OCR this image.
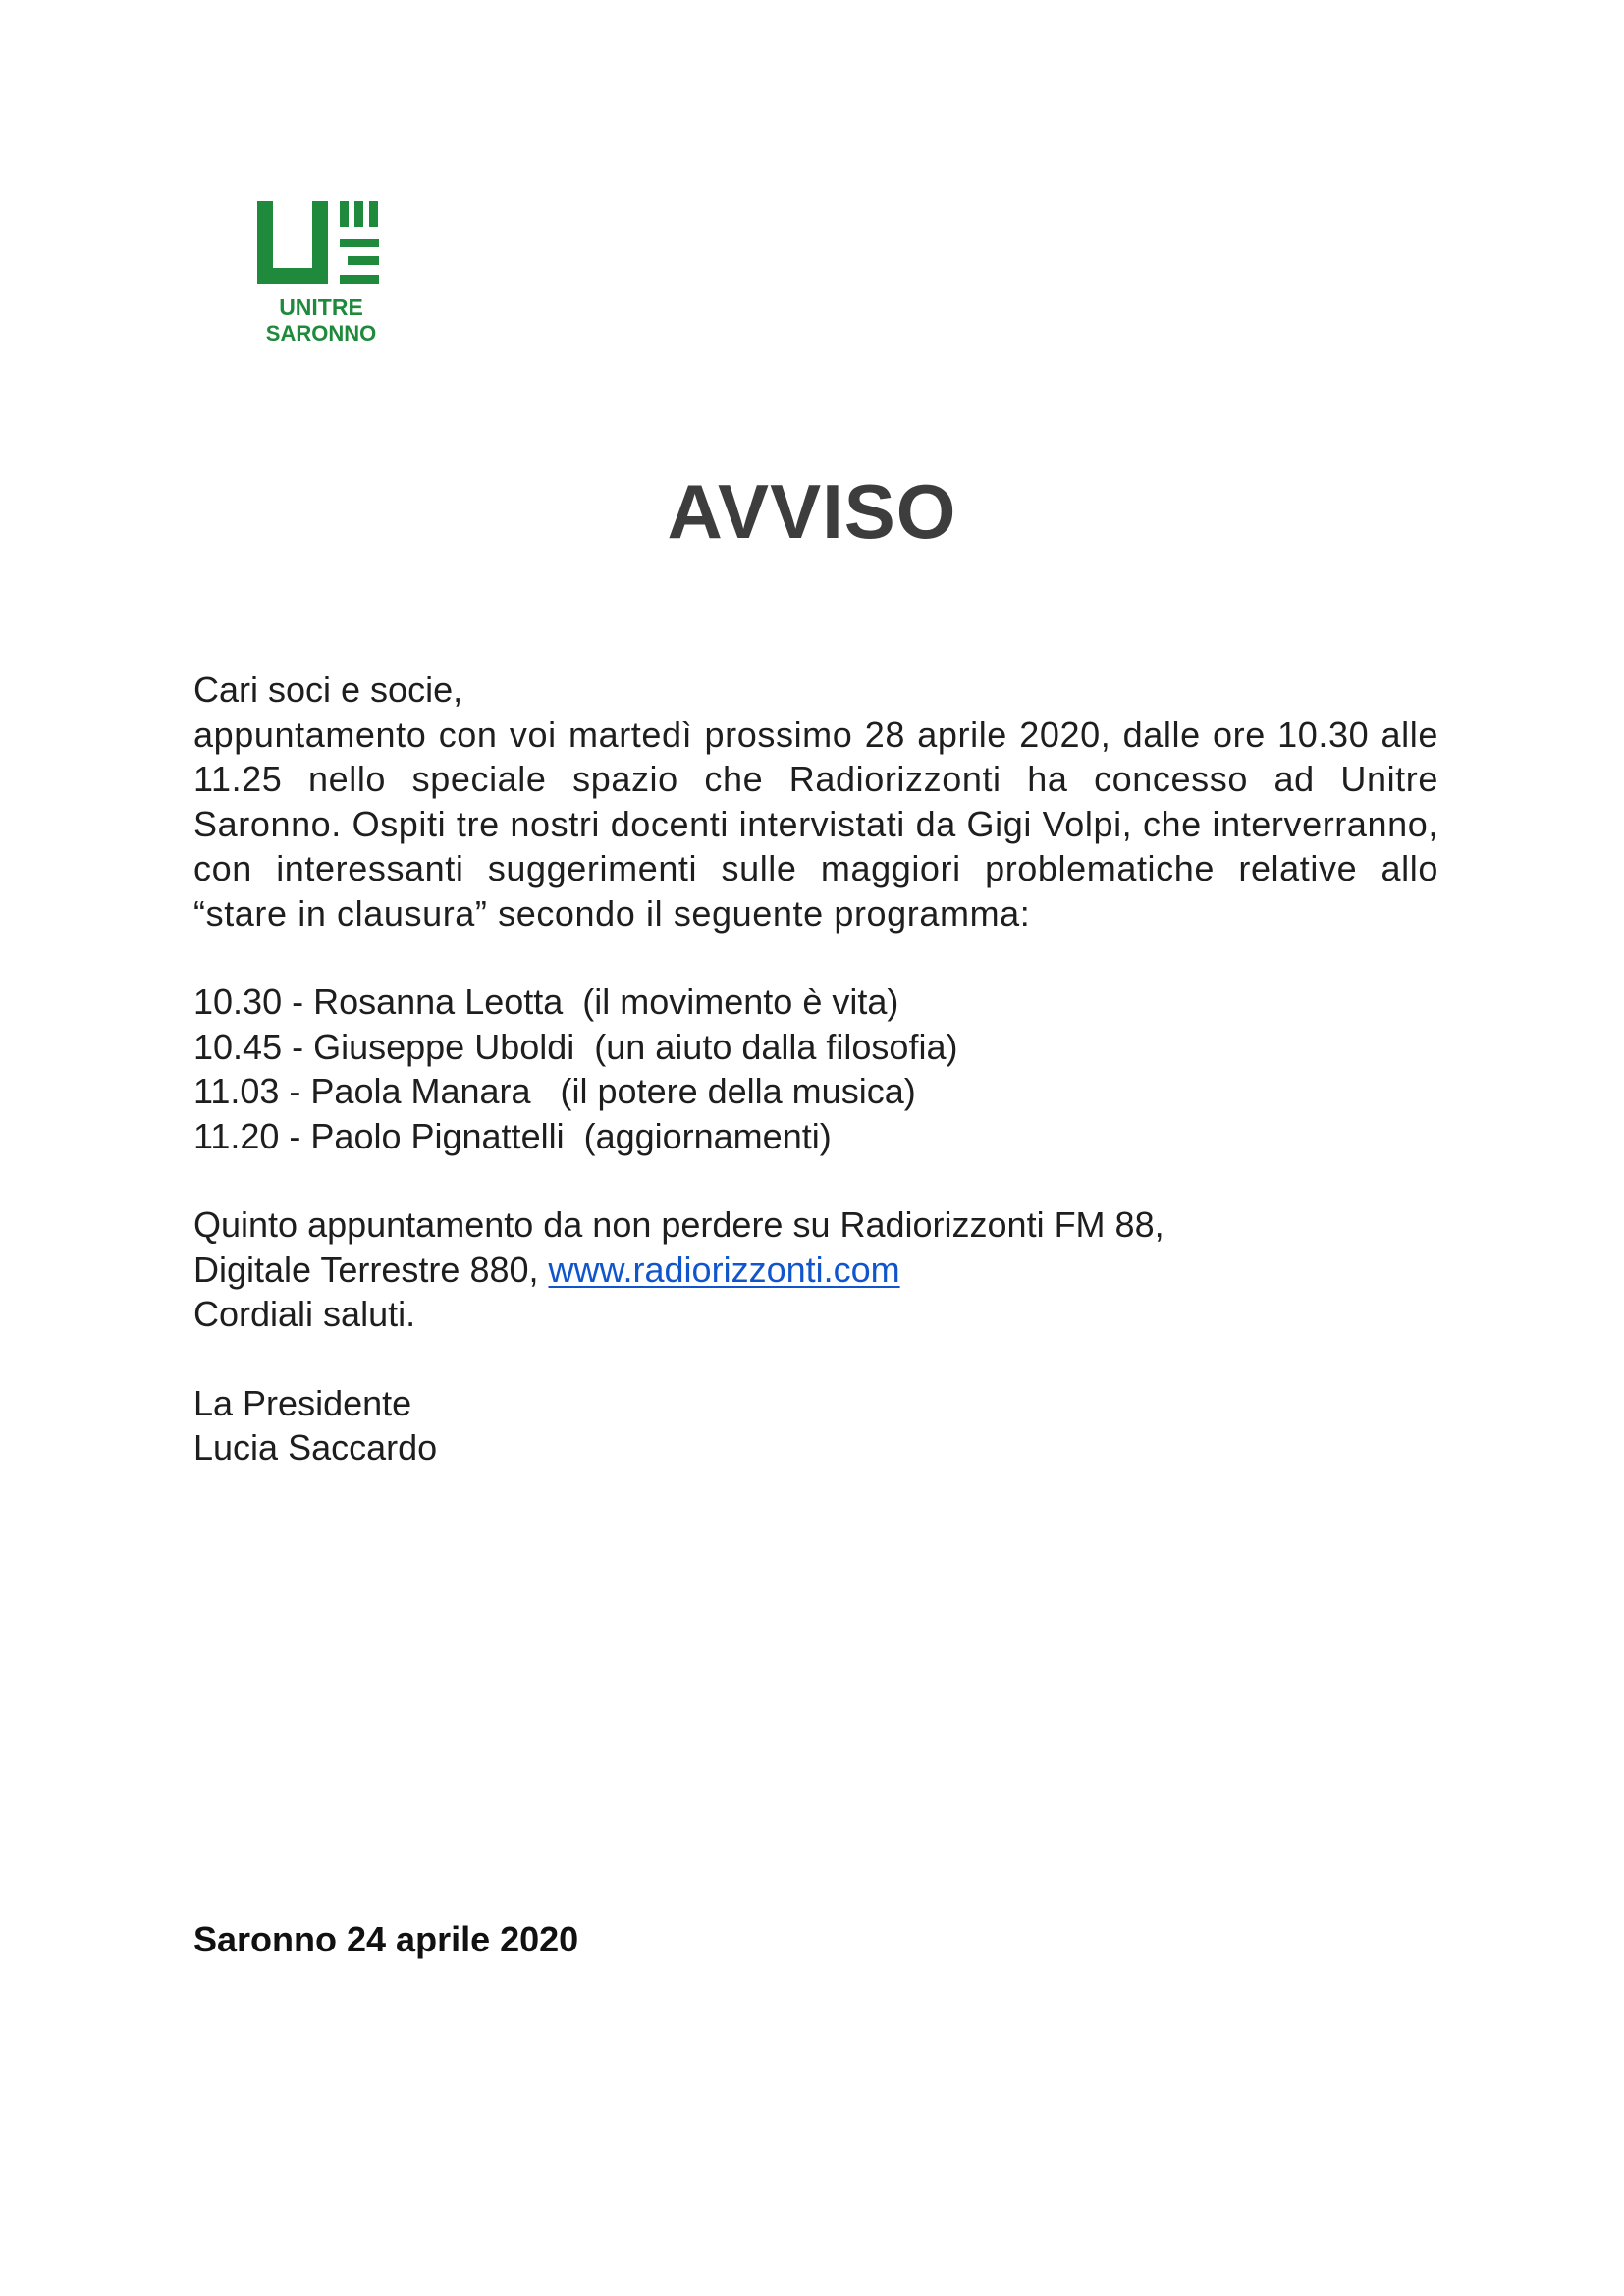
UNITRE
SARONNO
AVVISO

Cari soci e socie,

appuntamento con voi martedì prossimo 28 aprile 2020, dalle ore 10.30 alle 11.25 nello speciale spazio che Radiorizzonti ha concesso ad Unitre Saronno. Ospiti tre nostri docenti intervistati da Gigi Volpi, che interverranno, con interessanti suggerimenti sulle maggiori problematiche relative allo “stare in clausura” secondo il seguente programma:

10.30 - Rosanna Leotta  (il movimento è vita)
10.45 - Giuseppe Uboldi  (un aiuto dalla filosofia)
11.03 - Paola Manara   (il potere della musica)
11.20 - Paolo Pignattelli  (aggiornamenti)

Quinto appuntamento da non perdere su Radiorizzonti FM 88,

Digitale Terrestre 880, www.radiorizzonti.com

Cordiali saluti.

La Presidente

Lucia Saccardo

Saronno 24 aprile 2020
